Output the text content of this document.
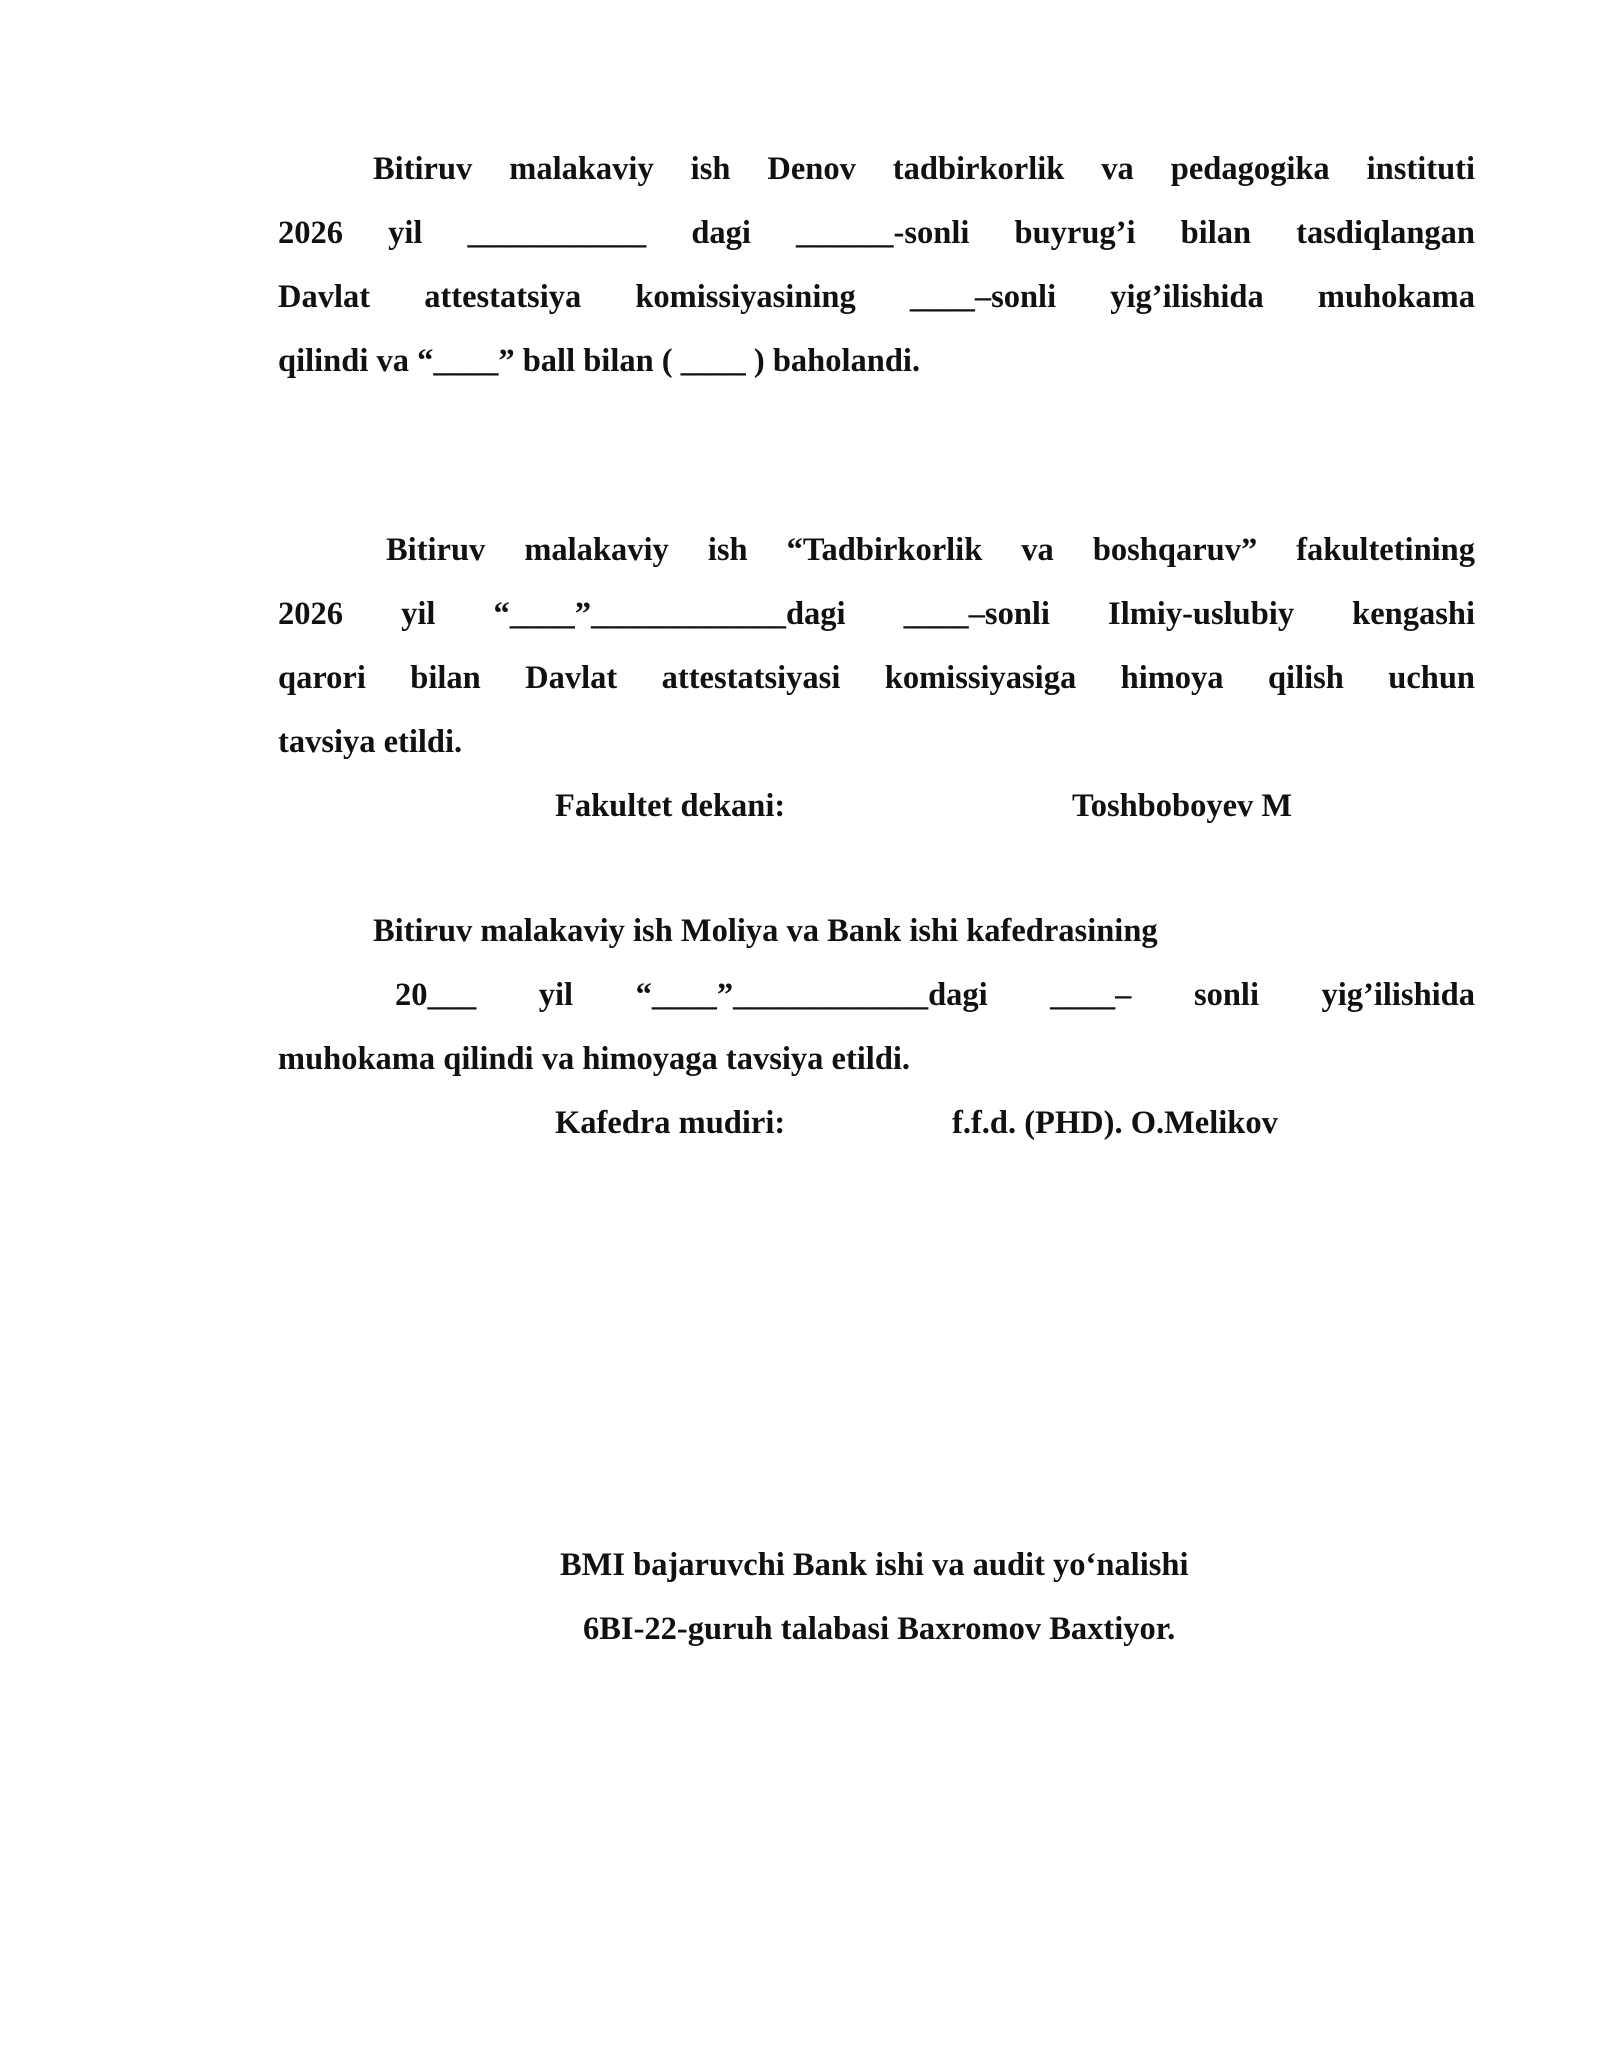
Bitiruv malakaviy ish Denov tadbirkorlik va pedagogika instituti
2026 yil ___________ dagi ______-sonli buyrug’i bilan tasdiqlangan
Davlat attestatsiya komissiyasining ____–sonli yig’ilishida muhokama
qilindi va “____” ball bilan ( ____ ) baholandi.
Bitiruv malakaviy ish “Tadbirkorlik va boshqaruv” fakultetining
2026 yil “____”____________dagi ____–sonli Ilmiy-uslubiy kengashi
qarori bilan Davlat attestatsiyasi komissiyasiga himoya qilish uchun
tavsiya etildi.
Fakultet dekani:	Toshboboyev M
Bitiruv malakaviy ish Moliya va Bank ishi kafedrasining
20___ yil “____”____________dagi ____– sonli yig’ilishida
muhokama qilindi va himoyaga tavsiya etildi.
Kafedra mudiri:	f.f.d. (PHD). O.Melikov
BMI bajaruvchi Bank ishi va audit yo‘nalishi
6BI-22-guruh talabasi Baxromov Baxtiyor.
